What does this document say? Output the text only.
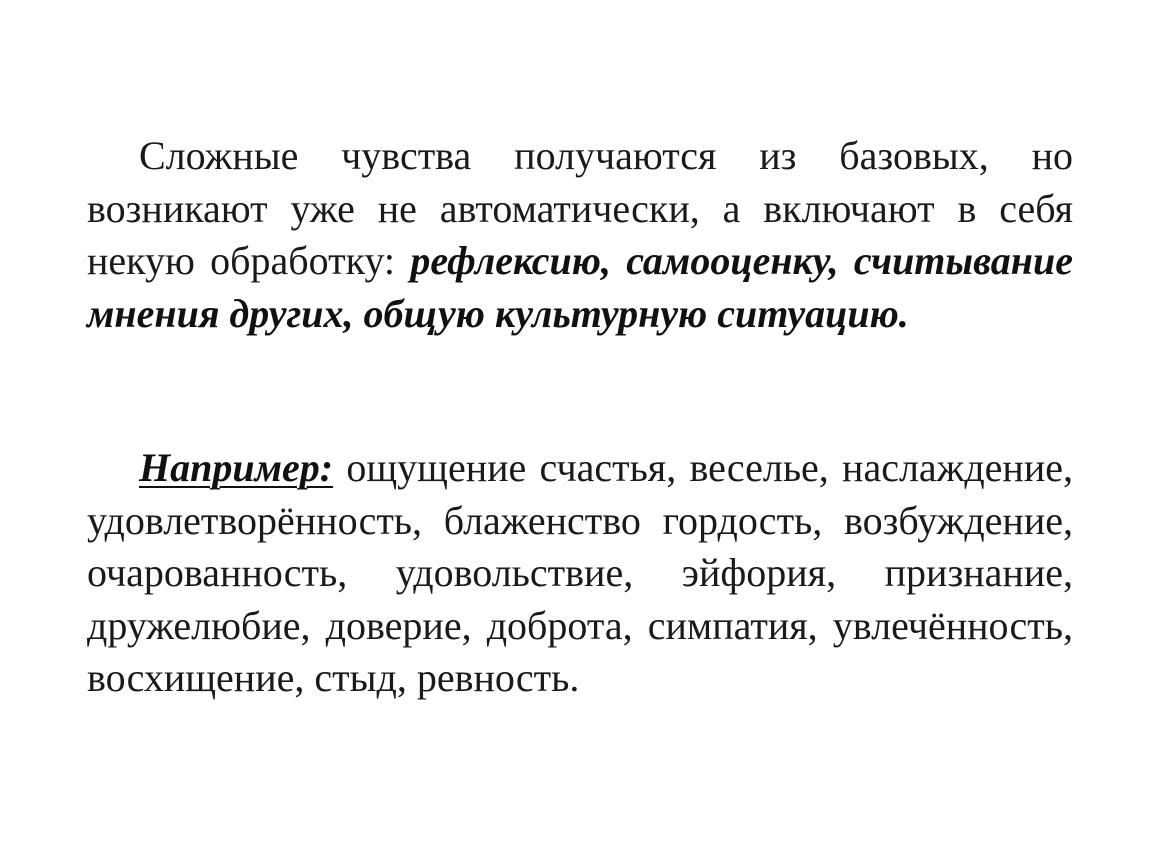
Сложные чувства получаются из базовых, но возникают уже не автоматически, а включают в себя некую обработку: рефлексию, самооценку, считывание мнения других, общую культурную ситуацию.

Например: ощущение счастья, веселье, наслаждение, удовлетворённость, блаженство гордость, возбуждение, очарованность, удовольствие, эйфория, признание, дружелюбие, доверие, доброта, симпатия, увлечённость, восхищение, стыд, ревность.
